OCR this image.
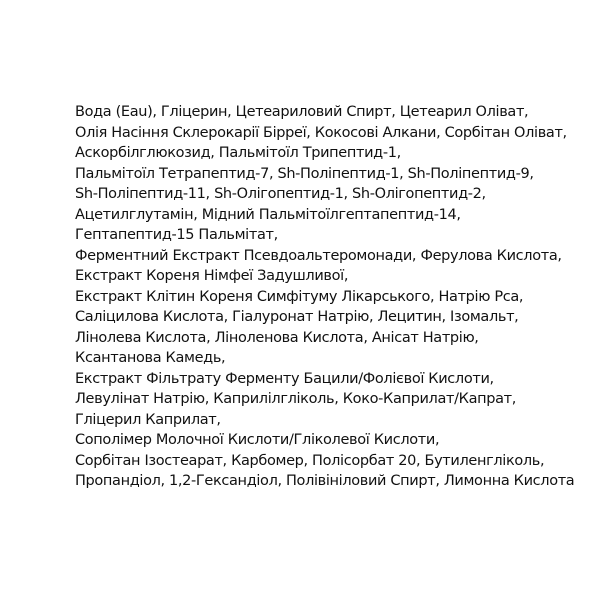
Вода (Eau), Гліцерин, Цетеариловий Спирт, Цетеарил Оліват,
Олія Насіння Склерокарії Бірреї, Кокосові Алкани, Сорбітан Оліват,
Аскорбілглюкозид, Пальмітоїл Трипептид-1,
Пальмітоїл Тетрапептид-7, Sh-Поліпептид-1, Sh-Поліпептид-9,
Sh-Поліпептид-11, Sh-Олігопептид-1, Sh-Олігопептид-2,
Ацетилглутамін, Мідний Пальмітоїлгептапептид-14,
Гептапептид-15 Пальмітат,
Ферментний Екстракт Псевдоальтеромонади, Ферулова Кислота,
Екстракт Кореня Німфеї Задушливої,
Екстракт Клітин Кореня Симфітуму Лікарського, Натрію Pca,
Саліцилова Кислота, Гіалуронат Натрію, Лецитин, Ізомальт,
Лінолева Кислота, Ліноленова Кислота, Анісат Натрію,
Ксантанова Камедь,
Екстракт Фільтрату Ферменту Бацили/Фолієвої Кислоти,
Левулінат Натрію, Каприлілгліколь, Коко-Каприлат/Капрат,
Гліцерил Каприлат,
Сополімер Молочної Кислоти/Гліколевої Кислоти,
Сорбітан Ізостеарат, Карбомер, Полісорбат 20, Бутиленгліколь,
Пропандіол, 1,2-Гександіол, Полівініловий Спирт, Лимонна Кислота
